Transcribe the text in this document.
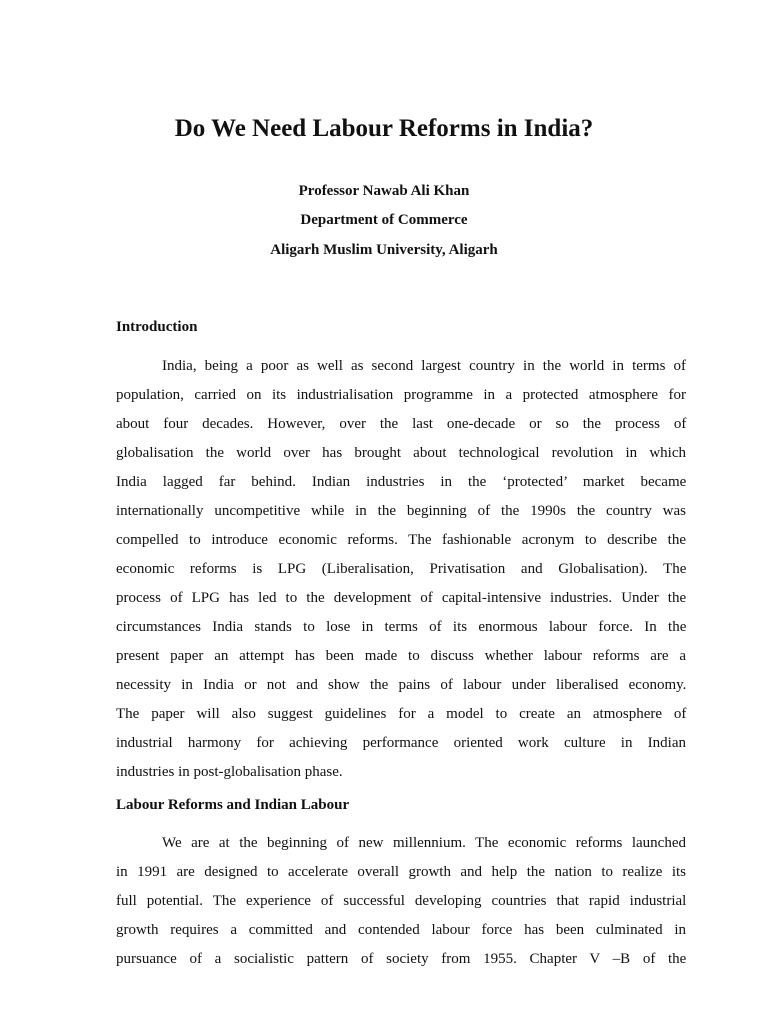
Do We Need Labour Reforms in India?
Professor Nawab Ali Khan
Department of Commerce
Aligarh Muslim University, Aligarh
Introduction
India, being a poor as well as second largest country in the world in terms of
population, carried on its industrialisation programme in a protected atmosphere for
about four decades. However, over the last one-decade or so the process of
globalisation the world over has brought about technological revolution in which
India lagged far behind. Indian industries in the ‘protected’ market became
internationally uncompetitive while in the beginning of the 1990s the country was
compelled to introduce economic reforms. The fashionable acronym to describe the
economic reforms is LPG (Liberalisation, Privatisation and Globalisation). The
process of LPG has led to the development of capital-intensive industries. Under the
circumstances India stands to lose in terms of its enormous labour force. In the
present paper an attempt has been made to discuss whether labour reforms are a
necessity in India or not and show the pains of labour under liberalised economy.
The paper will also suggest guidelines for a model to create an atmosphere of
industrial harmony for achieving performance oriented work culture in Indian
industries in post-globalisation phase.
Labour Reforms and Indian Labour
We are at the beginning of new millennium. The economic reforms launched
in 1991 are designed to accelerate overall growth and help the nation to realize its
full potential. The experience of successful developing countries that rapid industrial
growth requires a committed and contended labour force has been culminated in
pursuance of a socialistic pattern of society from 1955. Chapter V –B of the
